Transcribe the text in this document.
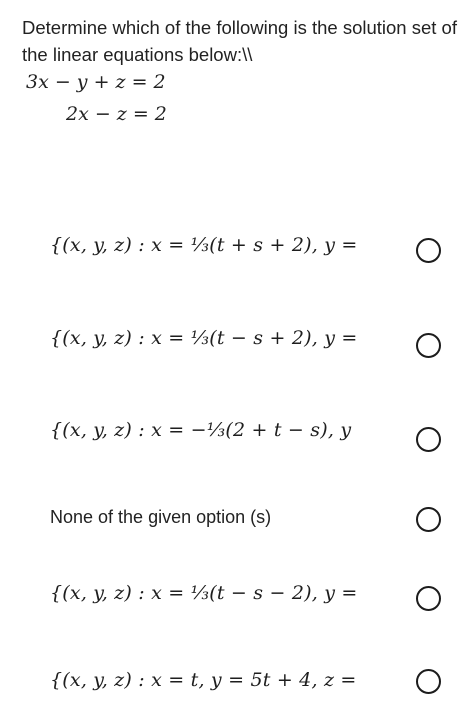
Determine which of the following is the solution set of the linear equations below:\\
3x − y + z = 2
2x − z = 2
{(x, y, z) : x = ⅓(t + s + 2), y =
{(x, y, z) : x = ⅓(t − s + 2), y =
{(x, y, z) : x = −⅓(2 + t − s), y
None of the given option (s)
{(x, y, z) : x = ⅓(t − s − 2), y =
{(x, y, z) : x = t, y = 5t + 4, z =
